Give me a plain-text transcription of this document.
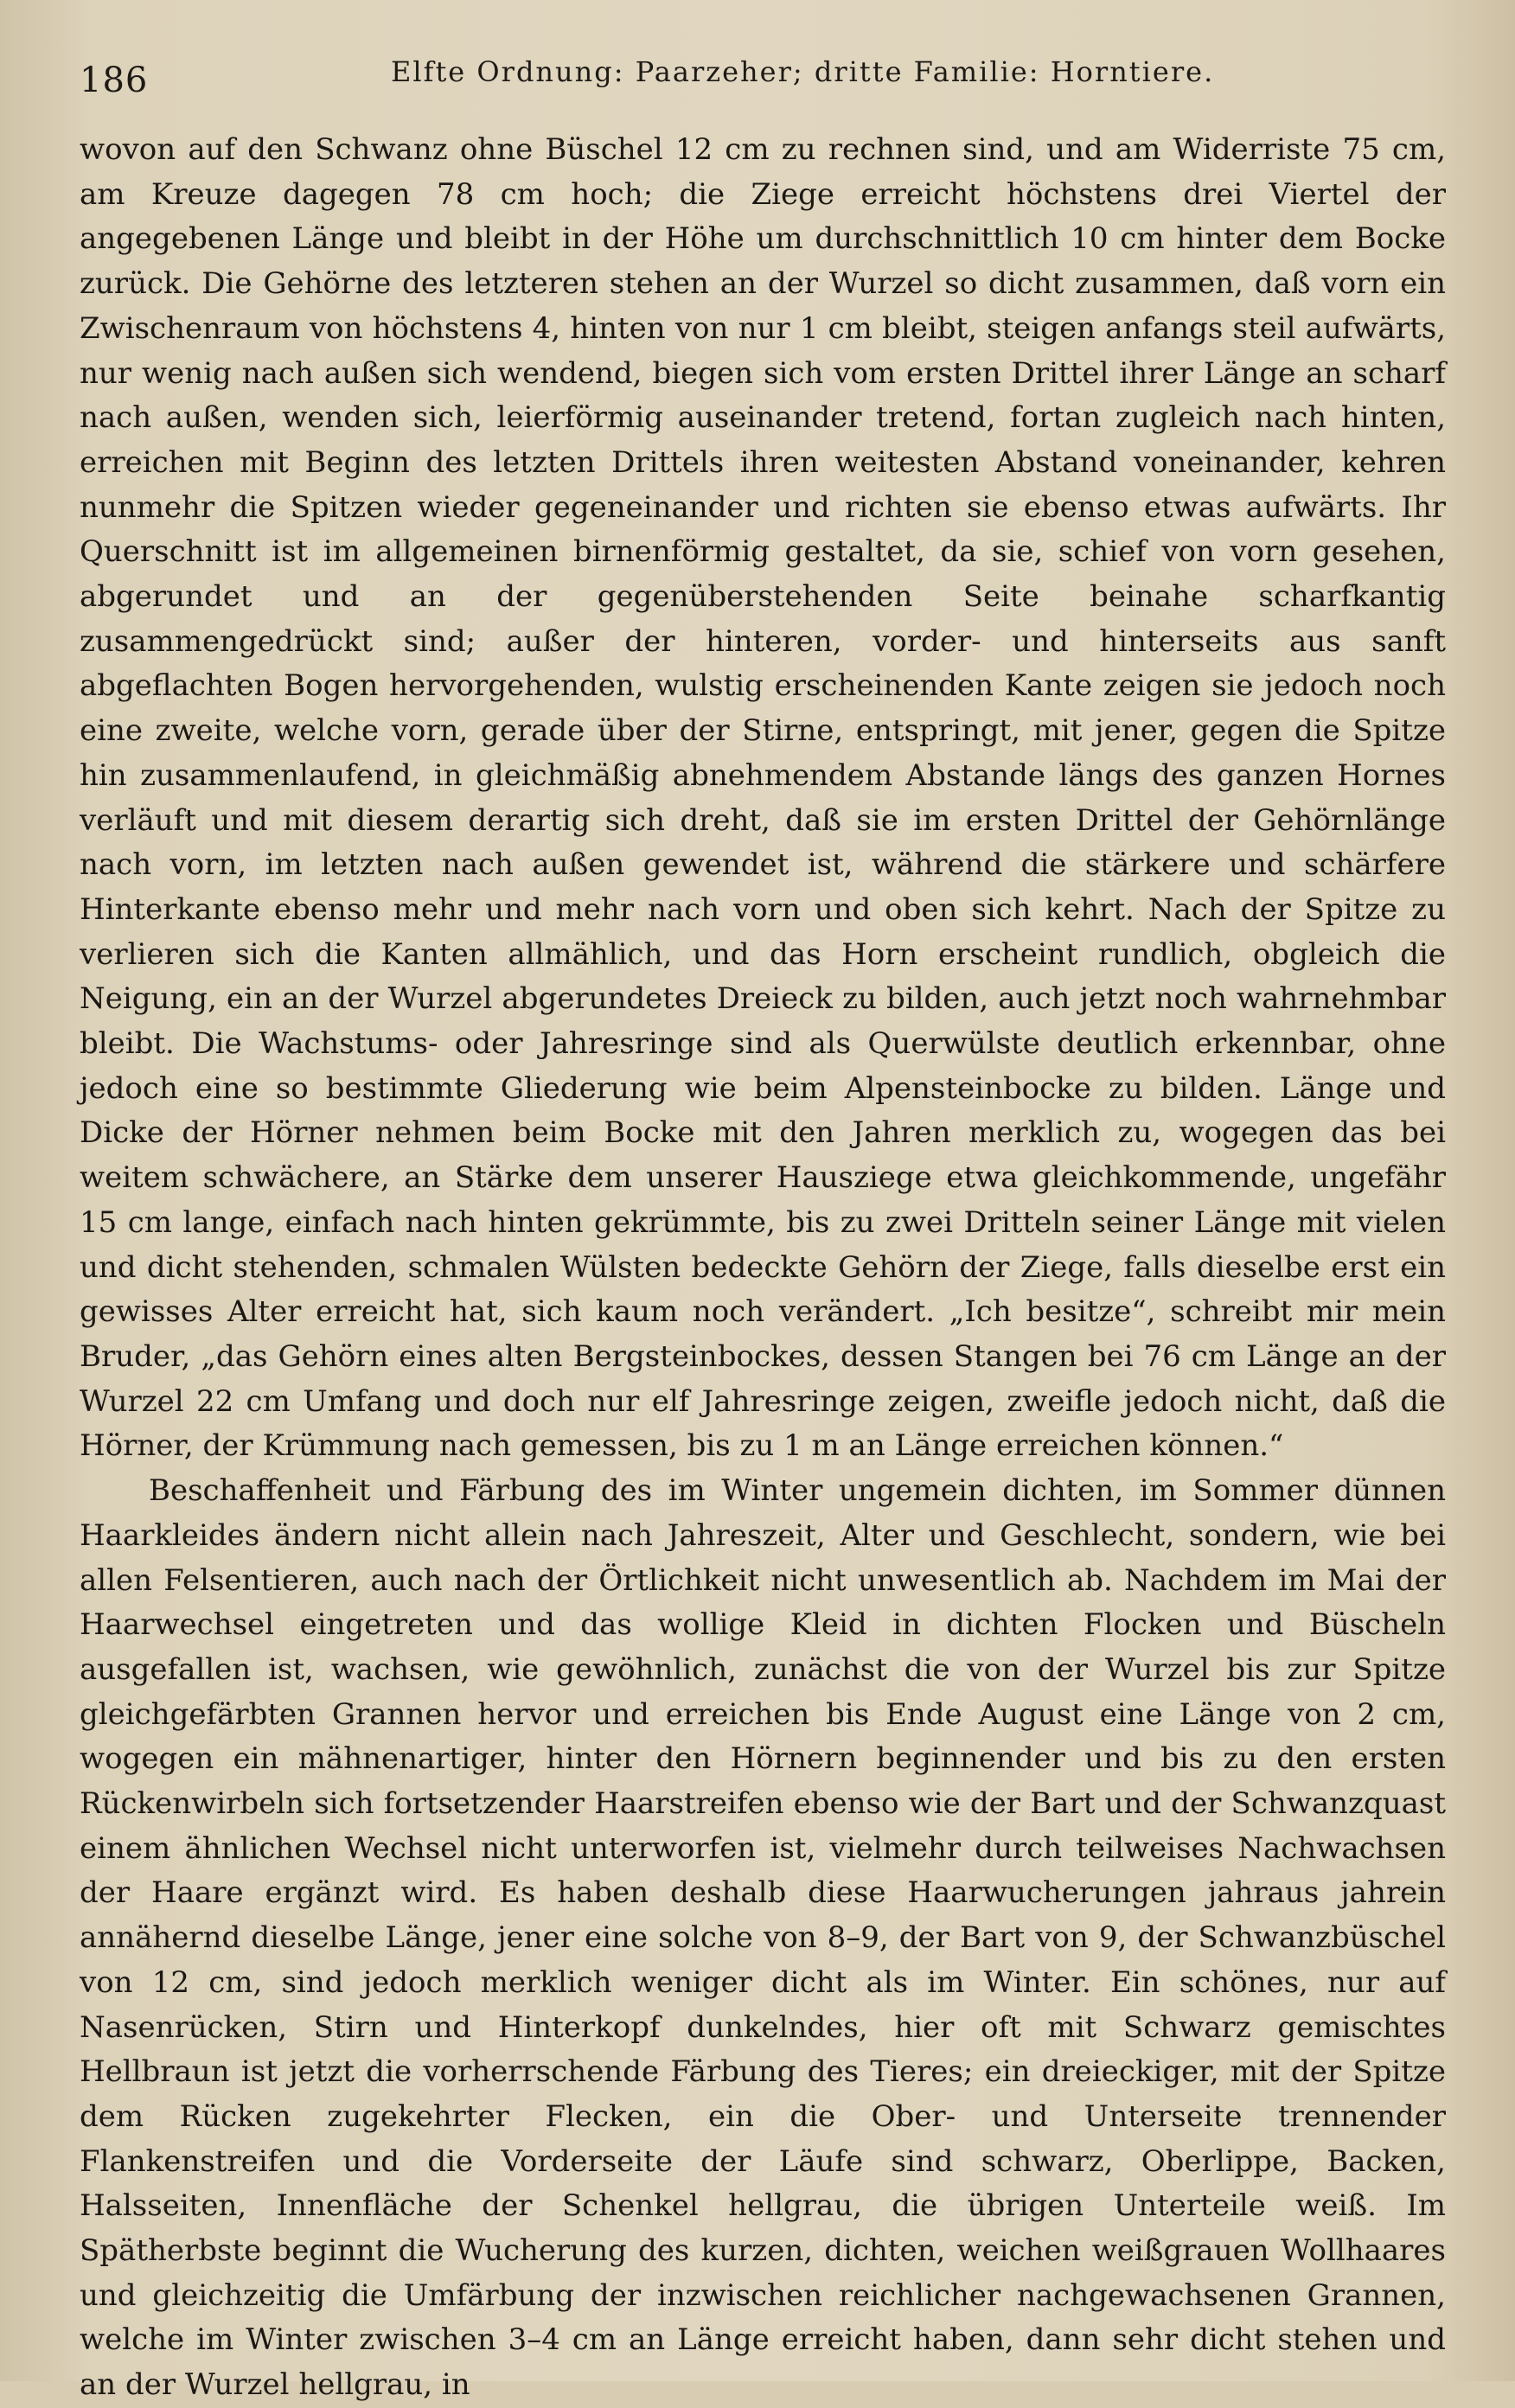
186	Elfte Ordnung: Paarzeher; dritte Familie: Horntiere.

wovon auf den Schwanz ohne Büschel 12 cm zu rechnen sind, und am Widerriste 75 cm, am Kreuze dagegen 78 cm hoch; die Ziege erreicht höchstens drei Viertel der angegebenen Länge und bleibt in der Höhe um durchschnittlich 10 cm hinter dem Bocke zurück. Die Gehörne des letzteren stehen an der Wurzel so dicht zusammen, daß vorn ein Zwischenraum von höchstens 4, hinten von nur 1 cm bleibt, steigen anfangs steil aufwärts, nur wenig nach außen sich wendend, biegen sich vom ersten Drittel ihrer Länge an scharf nach außen, wenden sich, leierförmig auseinander tretend, fortan zugleich nach hinten, erreichen mit Beginn des letzten Drittels ihren weitesten Abstand voneinander, kehren nunmehr die Spitzen wieder gegeneinander und richten sie ebenso etwas aufwärts. Ihr Querschnitt ist im allgemeinen birnenförmig gestaltet, da sie, schief von vorn gesehen, abgerundet und an der gegenüberstehenden Seite beinahe scharfkantig zusammengedrückt sind; außer der hinteren, vorder- und hinterseits aus sanft abgeflachten Bogen hervorgehenden, wulstig erscheinenden Kante zeigen sie jedoch noch eine zweite, welche vorn, gerade über der Stirne, entspringt, mit jener, gegen die Spitze hin zusammenlaufend, in gleichmäßig abnehmendem Abstande längs des ganzen Hornes verläuft und mit diesem derartig sich dreht, daß sie im ersten Drittel der Gehörnlänge nach vorn, im letzten nach außen gewendet ist, während die stärkere und schärfere Hinterkante ebenso mehr und mehr nach vorn und oben sich kehrt. Nach der Spitze zu verlieren sich die Kanten allmählich, und das Horn erscheint rundlich, obgleich die Neigung, ein an der Wurzel abgerundetes Dreieck zu bilden, auch jetzt noch wahrnehmbar bleibt. Die Wachstums- oder Jahresringe sind als Querwülste deutlich erkennbar, ohne jedoch eine so bestimmte Gliederung wie beim Alpensteinbocke zu bilden. Länge und Dicke der Hörner nehmen beim Bocke mit den Jahren merklich zu, wogegen das bei weitem schwächere, an Stärke dem unserer Hausziege etwa gleichkommende, ungefähr 15 cm lange, einfach nach hinten gekrümmte, bis zu zwei Dritteln seiner Länge mit vielen und dicht stehenden, schmalen Wülsten bedeckte Gehörn der Ziege, falls dieselbe erst ein gewisses Alter erreicht hat, sich kaum noch verändert. „Ich besitze“, schreibt mir mein Bruder, „das Gehörn eines alten Bergsteinbockes, dessen Stangen bei 76 cm Länge an der Wurzel 22 cm Umfang und doch nur elf Jahresringe zeigen, zweifle jedoch nicht, daß die Hörner, der Krümmung nach gemessen, bis zu 1 m an Länge erreichen können.“

Beschaffenheit und Färbung des im Winter ungemein dichten, im Sommer dünnen Haarkleides ändern nicht allein nach Jahreszeit, Alter und Geschlecht, sondern, wie bei allen Felsentieren, auch nach der Örtlichkeit nicht unwesentlich ab. Nachdem im Mai der Haarwechsel eingetreten und das wollige Kleid in dichten Flocken und Büscheln ausgefallen ist, wachsen, wie gewöhnlich, zunächst die von der Wurzel bis zur Spitze gleichgefärbten Grannen hervor und erreichen bis Ende August eine Länge von 2 cm, wogegen ein mähnenartiger, hinter den Hörnern beginnender und bis zu den ersten Rückenwirbeln sich fortsetzender Haarstreifen ebenso wie der Bart und der Schwanzquast einem ähnlichen Wechsel nicht unterworfen ist, vielmehr durch teilweises Nachwachsen der Haare ergänzt wird. Es haben deshalb diese Haarwucherungen jahraus jahrein annähernd dieselbe Länge, jener eine solche von 8–9, der Bart von 9, der Schwanzbüschel von 12 cm, sind jedoch merklich weniger dicht als im Winter. Ein schönes, nur auf Nasenrücken, Stirn und Hinterkopf dunkelndes, hier oft mit Schwarz gemischtes Hellbraun ist jetzt die vorherrschende Färbung des Tieres; ein dreieckiger, mit der Spitze dem Rücken zugekehrter Flecken, ein die Ober- und Unterseite trennender Flankenstreifen und die Vorderseite der Läufe sind schwarz, Oberlippe, Backen, Halsseiten, Innenfläche der Schenkel hellgrau, die übrigen Unterteile weiß. Im Spätherbste beginnt die Wucherung des kurzen, dichten, weichen weißgrauen Wollhaares und gleichzeitig die Umfärbung der inzwischen reichlicher nachgewachsenen Grannen, welche im Winter zwischen 3–4 cm an Länge erreicht haben, dann sehr dicht stehen und an der Wurzel hellgrau, in
